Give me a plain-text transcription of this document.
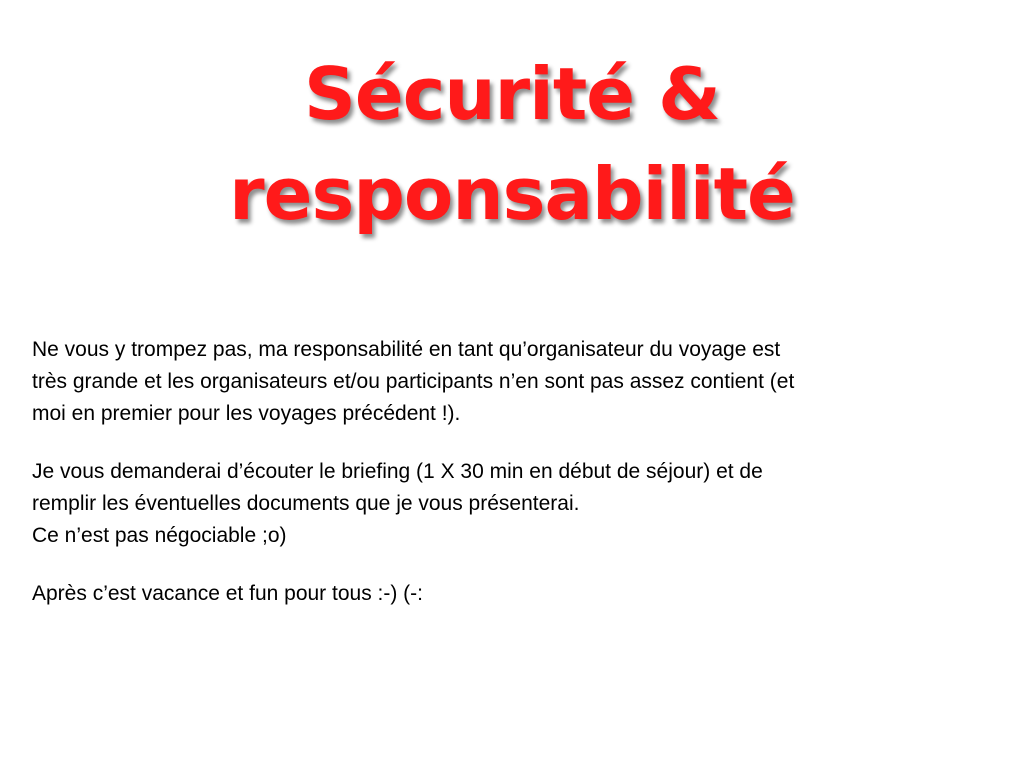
Sécurité &
responsabilité

Ne vous y trompez pas, ma responsabilité en tant qu’organisateur du voyage est
très grande et les organisateurs et/ou participants n’en sont pas assez contient (et
moi en premier pour les voyages précédent !).

Je vous demanderai d’écouter le briefing (1 X 30 min en début de séjour) et de
remplir les éventuelles documents que je vous présenterai.
Ce n’est pas négociable ;o)

Après c’est vacance et fun pour tous :-) (-:
